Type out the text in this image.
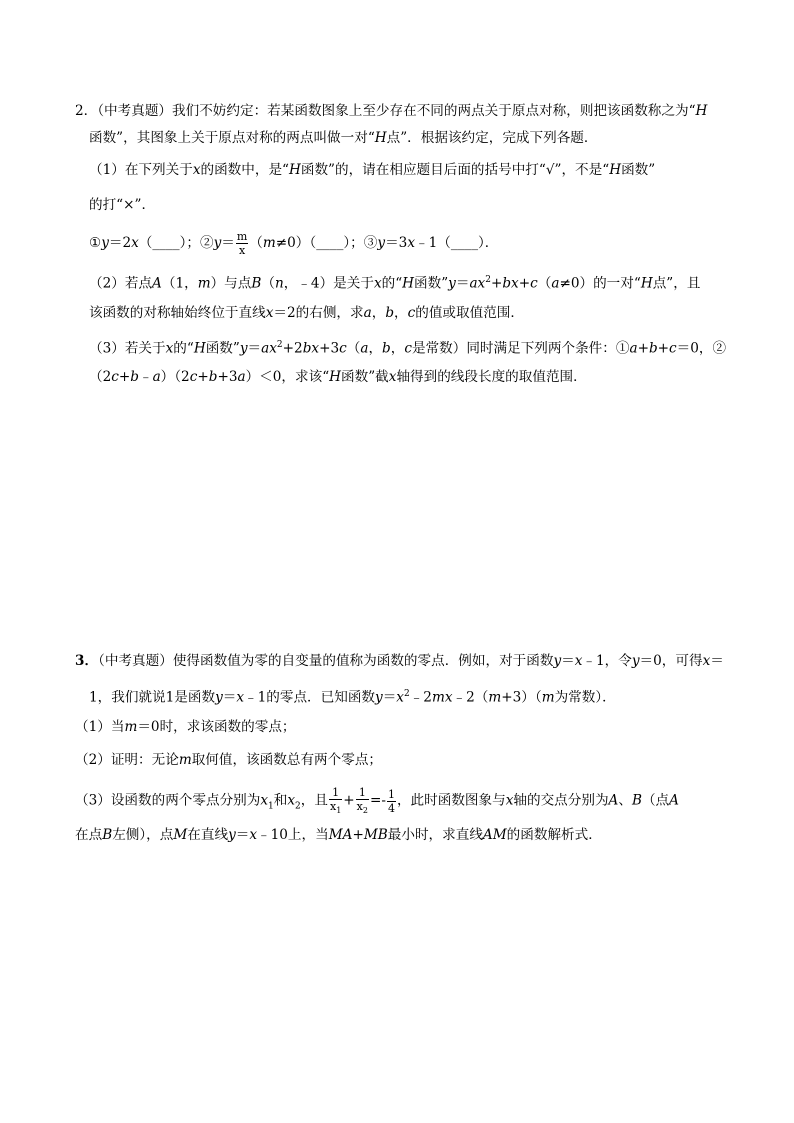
2．（中考真题）我们不妨约定：若某函数图象上至少存在不同的两点关于原点对称，则把该函数称之为“H
函数”，其图象上关于原点对称的两点叫做一对“H点”．根据该约定，完成下列各题．
（1）在下列关于x的函数中，是“H函数”的，请在相应题目后面的括号中打“√”，不是“H函数”
的打“×”．
①y＝2x（____）；②y＝ $\frac{m}{x}$ （m≠0）（____）；③y＝3x﹣1（____）．
（2）若点A（1，m）与点B（n，﹣4）是关于x的“H函数$”y=ax^2+bx+c(a\ne 0)$的一对“H点”，且
该函数的对称轴始终位于直线x＝2的右侧，求a，b，c的值或取值范围．
（3）若关于x的“H函数$”y=ax^2+2bx+3c(a$，b，c是常数）同时满足下列两个条件：①a+b+c＝0，②
（2c+b﹣a）（2c+b+3a）＜0，求该“H函数”截x轴得到的线段长度的取值范围．
3．（中考真题）使得函数值为零的自变量的值称为函数的零点．例如，对于函数y＝x﹣1，令y＝0，可得x＝
1，我们就说1是函数y＝x﹣1的零点．已知函数$y=x^2﹣2mx﹣2(m+3)(m$为常数）．
（1）当m＝0时，求该函数的零点；
（2）证明：无论m取何值，该函数总有两个零点；
（3）设函数的两个零点分别为$x_1$和$x_2$，且 $\frac{1}{x_1} + \frac{1}{x_2} =- \frac{1}{4}$ ，此时函数图象与x轴的交点分别为A、B（点A
在点B左侧），点M在直线y＝x﹣10上，当MA+MB最小时，求直线AM的函数解析式．
